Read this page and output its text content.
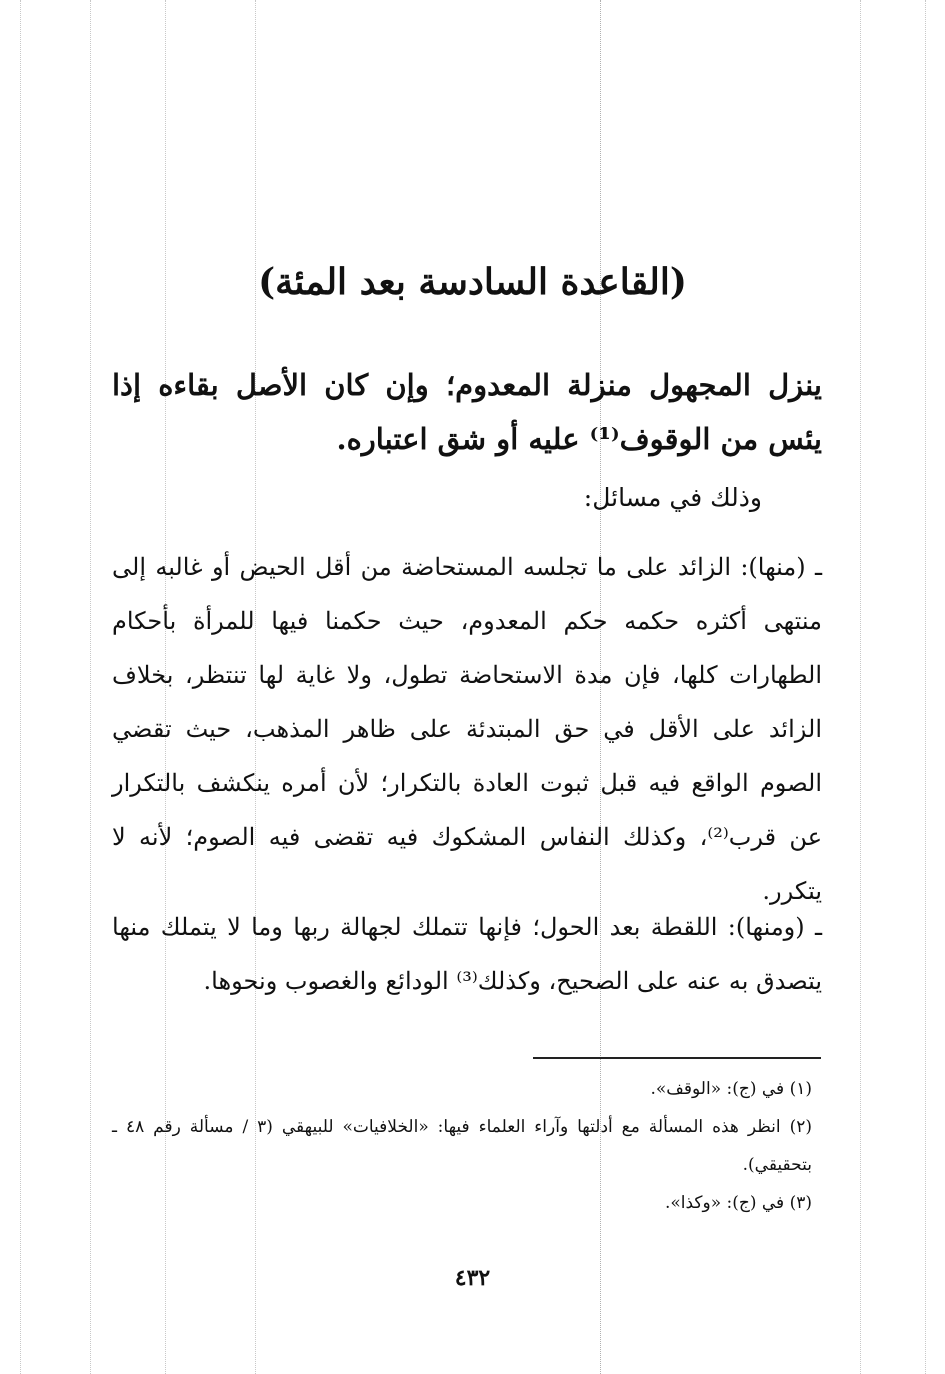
(القاعدة السادسة بعد المئة)

ينزل المجهول منزلة المعدوم؛ وإن كان الأصل بقاءه إذا يئس من الوقوف⁽¹⁾ عليه أو شق اعتباره.

وذلك في مسائل:

ـ (منها): الزائد على ما تجلسه المستحاضة من أقل الحيض أو غالبه إلى منتهى أكثره حكمه حكم المعدوم، حيث حكمنا فيها للمرأة بأحكام الطهارات كلها، فإن مدة الاستحاضة تطول، ولا غاية لها تنتظر، بخلاف الزائد على الأقل في حق المبتدئة على ظاهر المذهب، حيث تقضي الصوم الواقع فيه قبل ثبوت العادة بالتكرار؛ لأن أمره ينكشف بالتكرار عن قرب⁽²⁾، وكذلك النفاس المشكوك فيه تقضى فيه الصوم؛ لأنه لا يتكرر.

ـ (ومنها): اللقطة بعد الحول؛ فإنها تتملك لجهالة ربها وما لا يتملك منها يتصدق به عنه على الصحيح، وكذلك⁽³⁾ الودائع والغصوب ونحوها.

(١) في (ج): «الوقف».

(٢) انظر هذه المسألة مع أدلتها وآراء العلماء فيها: «الخلافيات» للبيهقي (٣ / مسألة رقم ٤٨ ـ بتحقيقي).

(٣) في (ج): «وكذا».

٤٣٢
